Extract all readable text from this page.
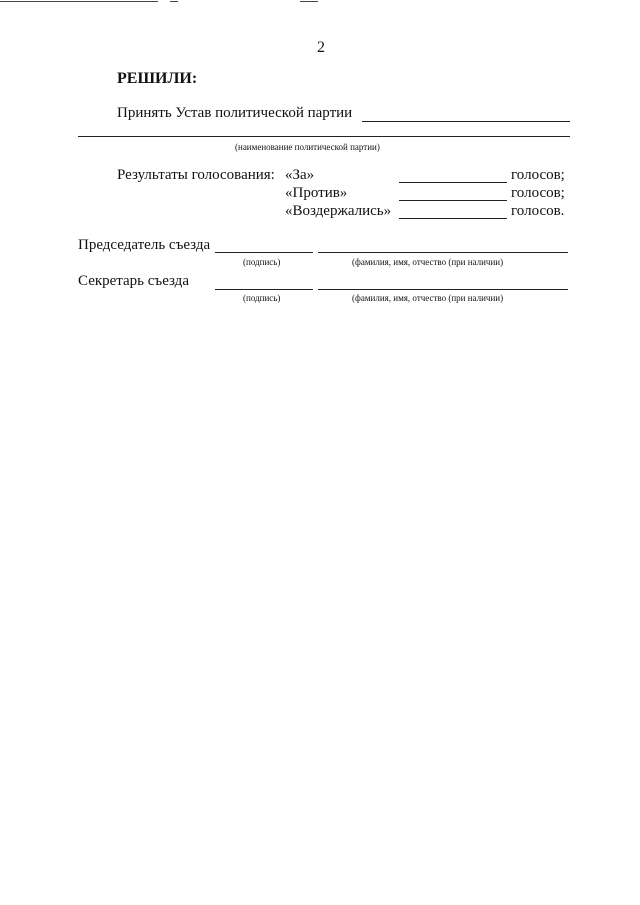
2
РЕШИЛИ:
Принять Устав политической партии
(наименование политической партии)
Результаты голосования: «За»	голосов;
«Против»	голосов;
«Воздержались»	голосов.
Председатель съезда
(подпись)	(фамилия, имя, отчество (при наличии)
Секретарь съезда
(подпись)	(фамилия, имя, отчество (при наличии)
